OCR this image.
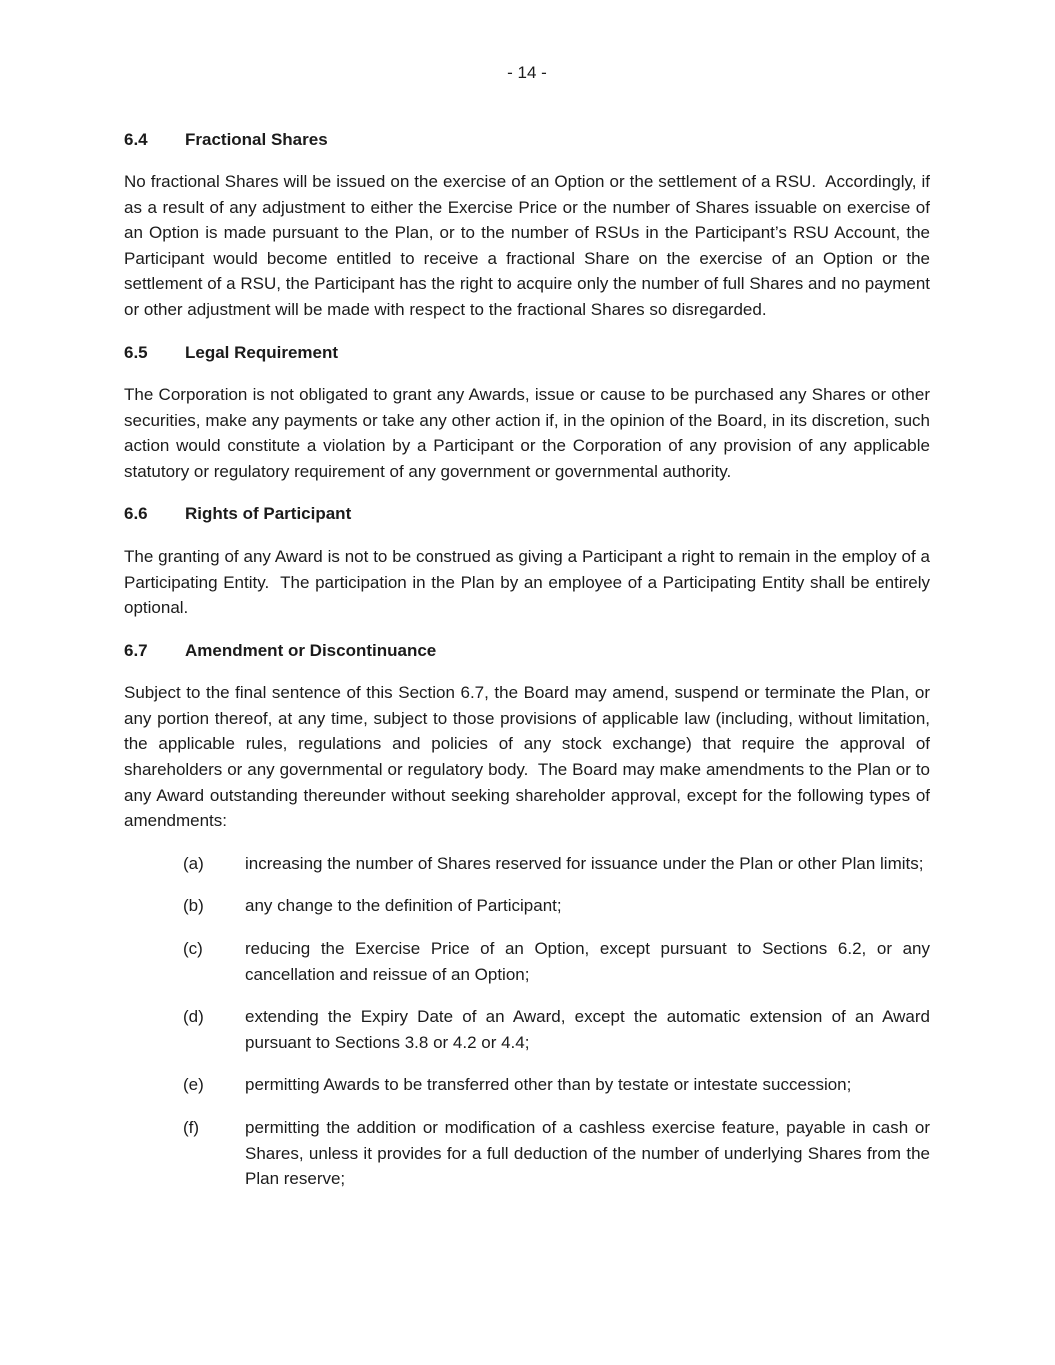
- 14 -
6.4	Fractional Shares

No fractional Shares will be issued on the exercise of an Option or the settlement of a RSU.  Accordingly, if as a result of any adjustment to either the Exercise Price or the number of Shares issuable on exercise of an Option is made pursuant to the Plan, or to the number of RSUs in the Participant’s RSU Account, the Participant would become entitled to receive a fractional Share on the exercise of an Option or the settlement of a RSU, the Participant has the right to acquire only the number of full Shares and no payment or other adjustment will be made with respect to the fractional Shares so disregarded.

6.5	Legal Requirement

The Corporation is not obligated to grant any Awards, issue or cause to be purchased any Shares or other securities, make any payments or take any other action if, in the opinion of the Board, in its discretion, such action would constitute a violation by a Participant or the Corporation of any provision of any applicable statutory or regulatory requirement of any government or governmental authority.

6.6	Rights of Participant

The granting of any Award is not to be construed as giving a Participant a right to remain in the employ of a Participating Entity.  The participation in the Plan by an employee of a Participating Entity shall be entirely optional.

6.7	Amendment or Discontinuance

Subject to the final sentence of this Section 6.7, the Board may amend, suspend or terminate the Plan, or any portion thereof, at any time, subject to those provisions of applicable law (including, without limitation, the applicable rules, regulations and policies of any stock exchange) that require the approval of shareholders or any governmental or regulatory body.  The Board may make amendments to the Plan or to any Award outstanding thereunder without seeking shareholder approval, except for the following types of amendments:

(a)	increasing the number of Shares reserved for issuance under the Plan or other Plan limits;
(b)	any change to the definition of Participant;
(c)	reducing the Exercise Price of an Option, except pursuant to Sections 6.2, or any cancellation and reissue of an Option;
(d)	extending the Expiry Date of an Award, except the automatic extension of an Award pursuant to Sections 3.8 or 4.2 or 4.4;
(e)	permitting Awards to be transferred other than by testate or intestate succession;
(f)	permitting the addition or modification of a cashless exercise feature, payable in cash or Shares, unless it provides for a full deduction of the number of underlying Shares from the Plan reserve;
